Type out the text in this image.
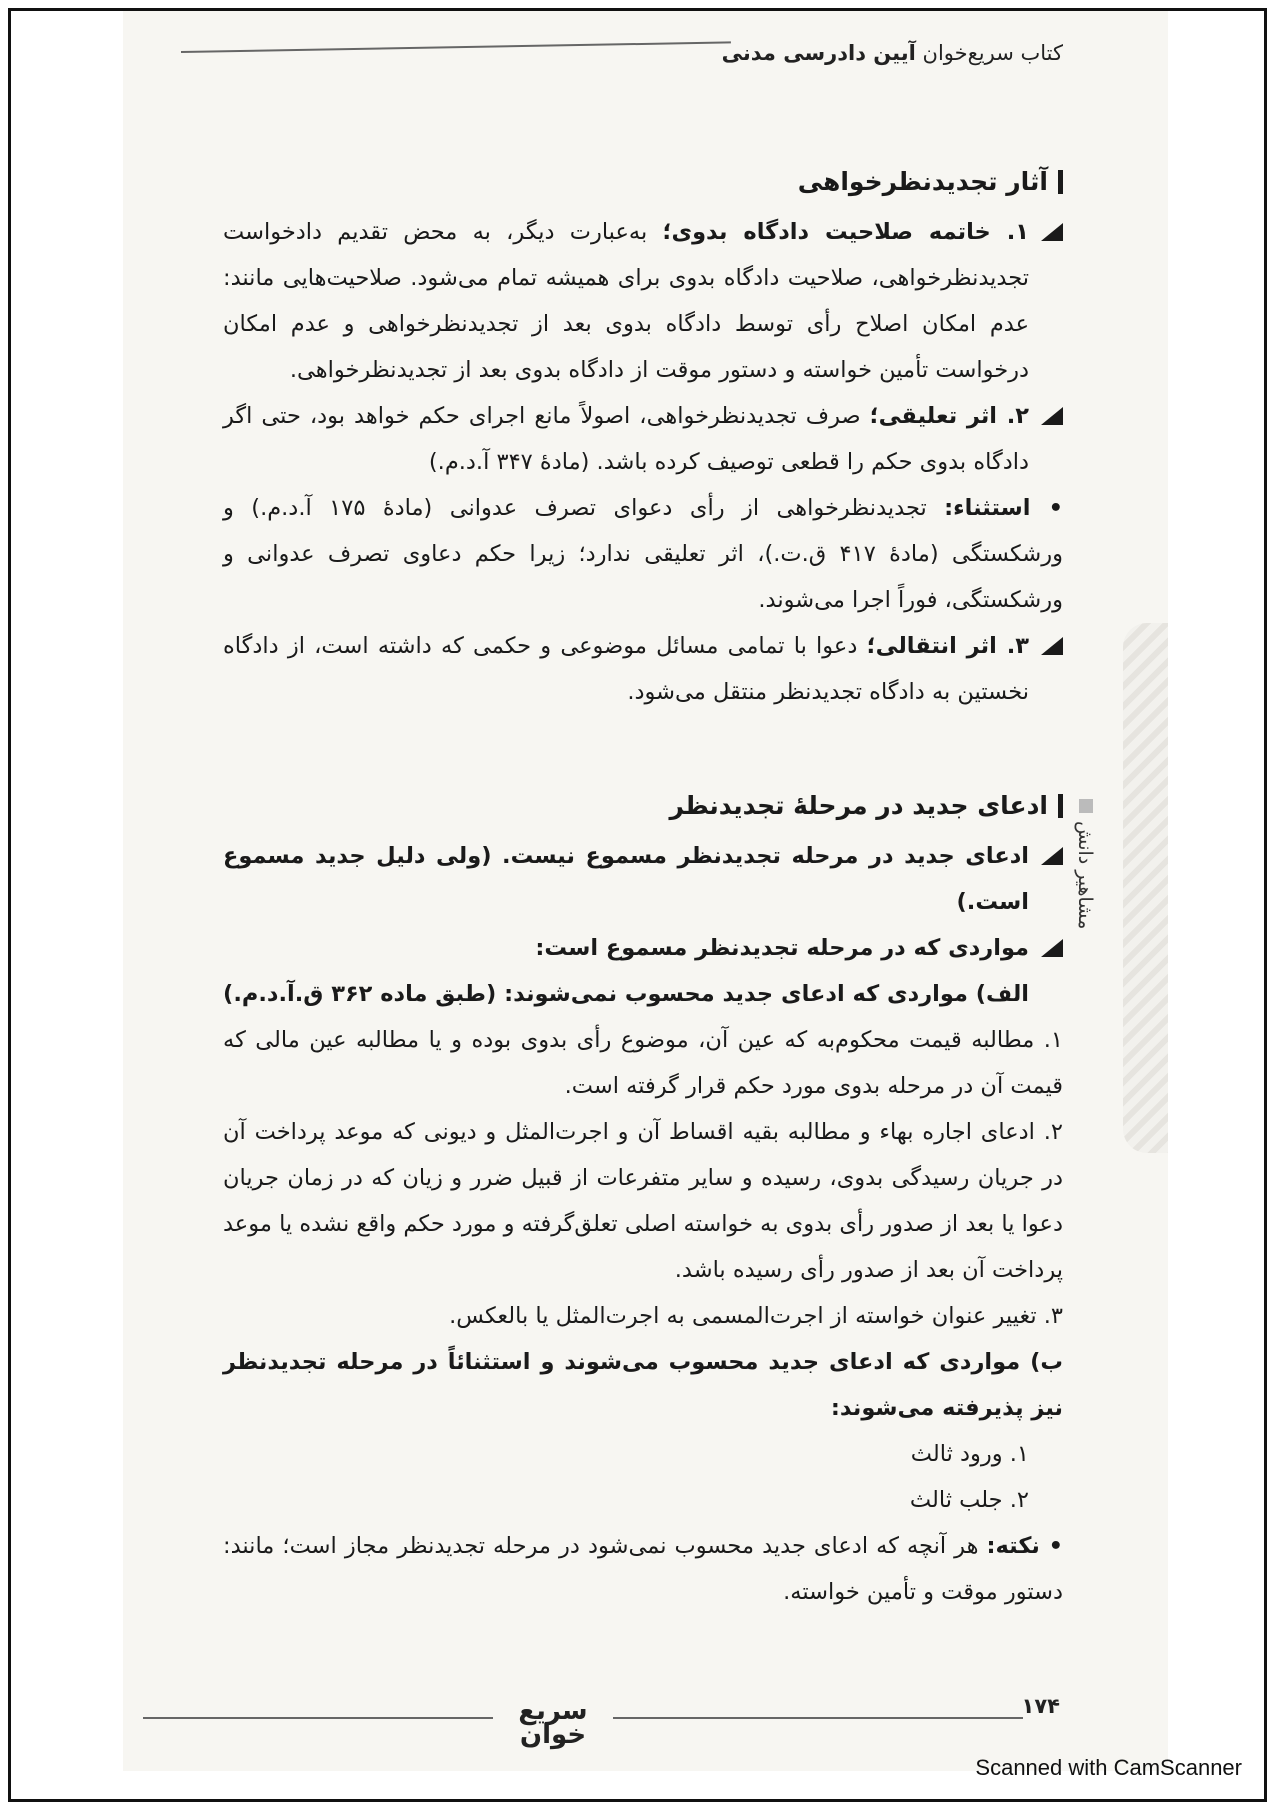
کتاب سریع‌خوان آیین دادرسی مدنی
مشاهیر دانش
آثار تجدیدنظرخواهی

۱. خاتمه صلاحیت دادگاه بدوی؛ به‌عبارت دیگر، به محض تقدیم دادخواست تجدیدنظرخواهی، صلاحیت دادگاه بدوی برای همیشه تمام می‌شود. صلاحیت‌هایی مانند: عدم امکان اصلاح رأی توسط دادگاه بدوی بعد از تجدیدنظرخواهی و عدم امکان درخواست تأمین خواسته و دستور موقت از دادگاه بدوی بعد از تجدیدنظرخواهی.

۲. اثر تعلیقی؛ صرف تجدیدنظرخواهی، اصولاً مانع اجرای حکم خواهد بود، حتی اگر دادگاه بدوی حکم را قطعی توصیف کرده باشد. (مادهٔ ۳۴۷ آ.د.م.)

• استثناء: تجدیدنظرخواهی از رأی دعوای تصرف عدوانی (مادهٔ ۱۷۵ آ.د.م.) و ورشکستگی (مادهٔ ۴۱۷ ق.ت.)، اثر تعلیقی ندارد؛ زیرا حکم دعاوی تصرف عدوانی و ورشکستگی، فوراً اجرا می‌شوند.

۳. اثر انتقالی؛ دعوا با تمامی مسائل موضوعی و حکمی که داشته است، از دادگاه نخستین به دادگاه تجدیدنظر منتقل می‌شود.

ادعای جدید در مرحلهٔ تجدیدنظر

ادعای جدید در مرحله تجدیدنظر مسموع نیست. (ولی دلیل جدید مسموع است.)

مواردی که در مرحله تجدیدنظر مسموع است:

الف) مواردی که ادعای جدید محسوب نمی‌شوند: (طبق ماده ۳۶۲ ق.آ.د.م.)

۱. مطالبه قیمت محکوم‌به که عین آن، موضوع رأی بدوی بوده و یا مطالبه عین مالی که قیمت آن در مرحله بدوی مورد حکم قرار گرفته است.

۲. ادعای اجاره بهاء و مطالبه بقیه اقساط آن و اجرت‌المثل و دیونی که موعد پرداخت آن در جریان رسیدگی بدوی، رسیده و سایر متفرعات از قبیل ضرر و زیان که در زمان جریان دعوا یا بعد از صدور رأی بدوی به خواسته اصلی تعلق‌گرفته و مورد حکم واقع نشده یا موعد پرداخت آن بعد از صدور رأی رسیده باشد.

۳. تغییر عنوان خواسته از اجرت‌المسمی به اجرت‌المثل یا بالعکس.

ب) مواردی که ادعای جدید محسوب می‌شوند و استثنائاً در مرحله تجدیدنظر نیز پذیرفته می‌شوند:

۱. ورود ثالث

۲. جلب ثالث

• نکته: هر آنچه که ادعای جدید محسوب نمی‌شود در مرحله تجدیدنظر مجاز است؛ مانند: دستور موقت و تأمین خواسته.

۱۷۴
سریع
خوان
Scanned with CamScanner
